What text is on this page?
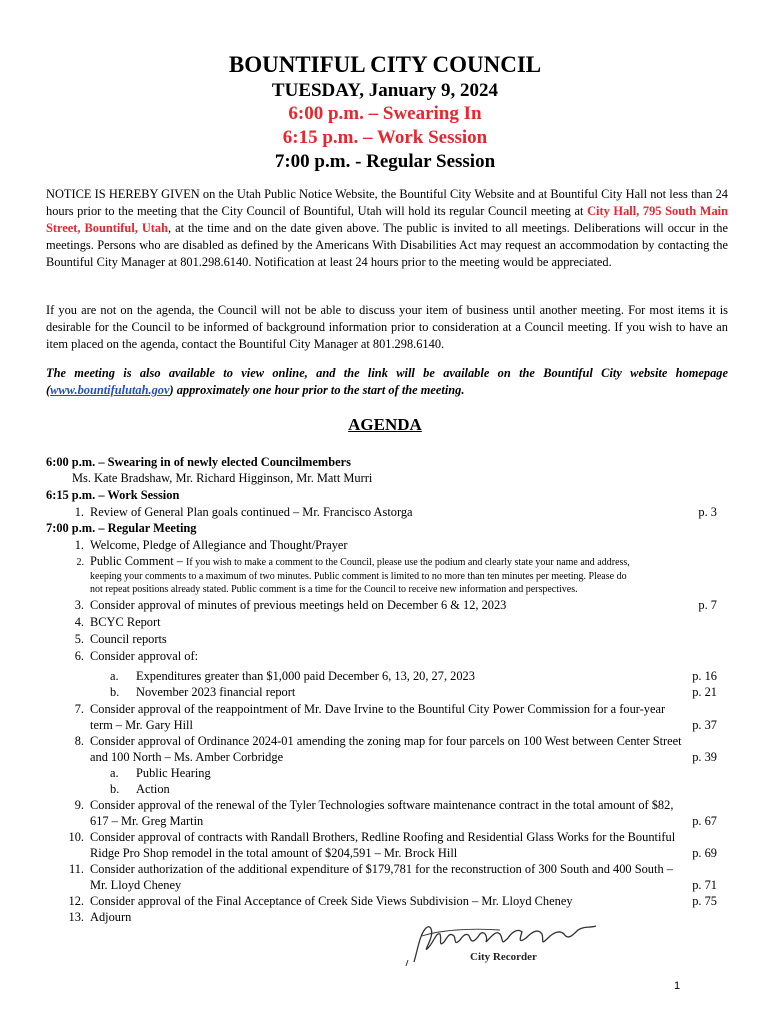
BOUNTIFUL CITY COUNCIL
TUESDAY, January 9, 2024
6:00 p.m. – Swearing In
6:15 p.m. – Work Session
7:00 p.m. - Regular Session
NOTICE IS HEREBY GIVEN on the Utah Public Notice Website, the Bountiful City Website and at Bountiful City Hall not less than 24 hours prior to the meeting that the City Council of Bountiful, Utah will hold its regular Council meeting at City Hall, 795 South Main Street, Bountiful, Utah, at the time and on the date given above. The public is invited to all meetings. Deliberations will occur in the meetings. Persons who are disabled as defined by the Americans With Disabilities Act may request an accommodation by contacting the Bountiful City Manager at 801.298.6140. Notification at least 24 hours prior to the meeting would be appreciated.
If you are not on the agenda, the Council will not be able to discuss your item of business until another meeting. For most items it is desirable for the Council to be informed of background information prior to consideration at a Council meeting. If you wish to have an item placed on the agenda, contact the Bountiful City Manager at 801.298.6140.
The meeting is also available to view online, and the link will be available on the Bountiful City website homepage (www.bountifulutah.gov) approximately one hour prior to the start of the meeting.
AGENDA
6:00 p.m. – Swearing in of newly elected Councilmembers
Ms. Kate Bradshaw, Mr. Richard Higginson, Mr. Matt Murri
6:15 p.m. – Work Session
1. Review of General Plan goals continued – Mr. Francisco Astorga	p. 3
7:00 p.m. – Regular Meeting
1. Welcome, Pledge of Allegiance and Thought/Prayer
2. Public Comment – If you wish to make a comment to the Council, please use the podium and clearly state your name and address,
keeping your comments to a maximum of two minutes. Public comment is limited to no more than ten minutes per meeting. Please do
not repeat positions already stated. Public comment is a time for the Council to receive new information and perspectives.
3. Consider approval of minutes of previous meetings held on December 6 & 12, 2023	p. 7
4. BCYC Report
5. Council reports
6. Consider approval of:
a. Expenditures greater than $1,000 paid December 6, 13, 20, 27, 2023	p. 16
b. November 2023 financial report	p. 21
7. Consider approval of the reappointment of Mr. Dave Irvine to the Bountiful City Power Commission for a four-year
term – Mr. Gary Hill	p. 37
8. Consider approval of Ordinance 2024-01 amending the zoning map for four parcels on 100 West between Center Street
and 100 North – Ms. Amber Corbridge	p. 39
a. Public Hearing
b. Action
9. Consider approval of the renewal of the Tyler Technologies software maintenance contract in the total amount of $82,
617 – Mr. Greg Martin	p. 67
10. Consider approval of contracts with Randall Brothers, Redline Roofing and Residential Glass Works for the Bountiful
Ridge Pro Shop remodel in the total amount of $204,591 – Mr. Brock Hill	p. 69
11. Consider authorization of the additional expenditure of $179,781 for the reconstruction of 300 South and 400 South –
Mr. Lloyd Cheney	p. 71
12. Consider approval of the Final Acceptance of Creek Side Views Subdivision – Mr. Lloyd Cheney	p. 75
13. Adjourn
City Recorder
1
